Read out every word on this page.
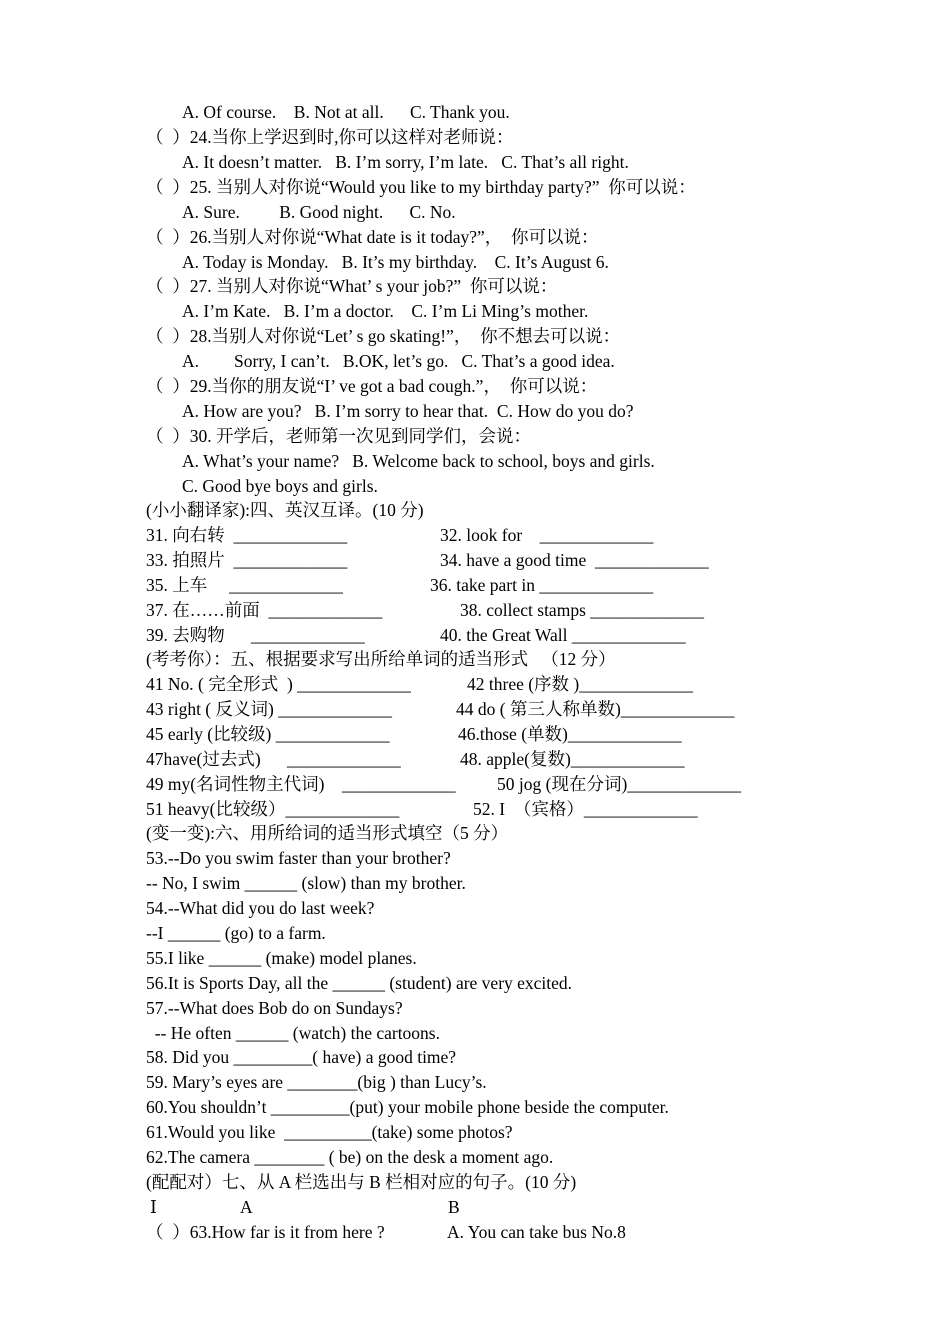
A. Of course.    B. Not at all.      C. Thank you.
（  ）24.当你上学迟到时,你可以这样对老师说：
A. It doesn’t matter.   B. I’m sorry, I’m late.   C. That’s all right.
（  ）25. 当别人对你说“Would you like to my birthday party?”  你可以说：
A. Sure.         B. Good night.      C. No.
（  ）26.当别人对你说“What date is it today?”，  你可以说：
A. Today is Monday.   B. It’s my birthday.    C. It’s August 6.
（  ）27. 当别人对你说“What’ s your job?”  你可以说：
A. I’m Kate.   B. I’m a doctor.    C. I’m Li Ming’s mother.
（  ）28.当别人对你说“Let’ s go skating!”，  你不想去可以说：
A.        Sorry, I can’t.   B.OK, let’s go.   C. That’s a good idea.
（  ）29.当你的朋友说“I’ ve got a bad cough.”，  你可以说：
A. How are you?   B. I’m sorry to hear that.  C. How do you do?
（  ）30. 开学后，老师第一次见到同学们，会说：
A. What’s your name?   B. Welcome back to school, boys and girls.
C. Good bye boys and girls.
(小小翻译家):四、英汉互译。(10 分)
31. 向右转  _____________	32. look for    _____________
33. 拍照片  _____________	34. have a good time  _____________
35. 上车     _____________	36. take part in _____________
37. 在……前面  _____________	38. collect stamps _____________
39. 去购物      _____________	40. the Great Wall _____________
(考考你）：五、根据要求写出所给单词的适当形式   （12 分）
41 No. ( 完全形式  ) _____________	42 three (序数 )_____________
43 right ( 反义词) _____________	44 do ( 第三人称单数)_____________
45 early (比较级) _____________	46.those (单数)_____________
47have(过去式)      _____________	48. apple(复数)_____________
49 my(名词性物主代词)    _____________ 50 jog (现在分词)_____________
51 heavy(比较级）_____________	52. I  （宾格）_____________
(变一变):六、用所给词的适当形式填空（5 分）
53.--Do you swim faster than your brother?
-- No, I swim ______ (slow) than my brother.
54.--What did you do last week?
--I ______ (go) to a farm.
55.I like ______ (make) model planes.
56.It is Sports Day, all the ______ (student) are very excited.
57.--What does Bob do on Sundays?
-- He often ______ (watch) the cartoons.
58. Did you _________( have) a good time?
59. Mary’s eyes are ________(big ) than Lucy’s.
60.You shouldn’t _________(put) your mobile phone beside the computer.
61.Would you like  __________(take) some photos?
62.The camera ________ ( be) on the desk a moment ago.
(配配对）七、从 A 栏选出与 B 栏相对应的句子。(10 分)
Ⅰ	A	B
（  ）63.How far is it from here ?	A. You can take bus No.8
